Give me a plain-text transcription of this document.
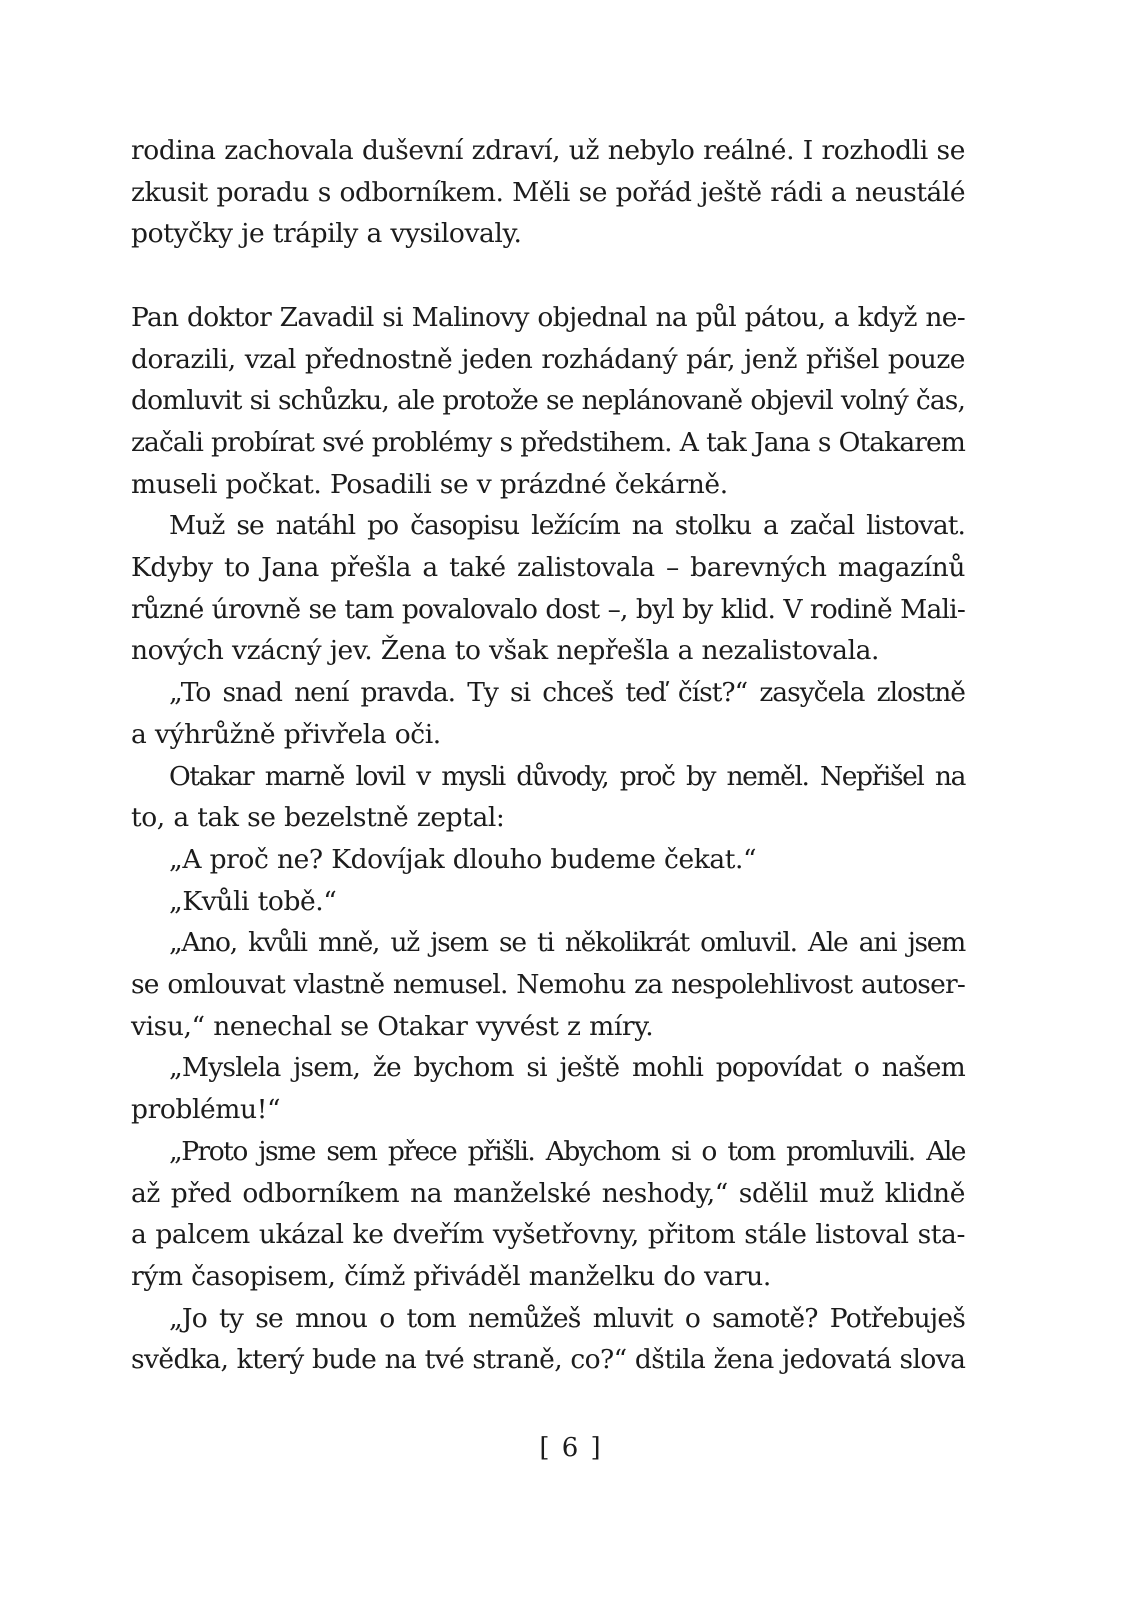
rodina zachovala duševní zdraví, už nebylo reálné. I rozhodli se
zkusit poradu s odborníkem. Měli se pořád ještě rádi a neustálé
potyčky je trápily a vysilovaly.
Pan doktor Zavadil si Malinovy objednal na půl pátou, a když ne-
dorazili, vzal přednostně jeden rozhádaný pár, jenž přišel pouze
domluvit si schůzku, ale protože se neplánovaně objevil volný čas,
začali probírat své problémy s předstihem. A tak Jana s Otakarem
museli počkat. Posadili se v prázdné čekárně.
Muž se natáhl po časopisu ležícím na stolku a začal listovat.
Kdyby to Jana přešla a také zalistovala – barevných magazínů
různé úrovně se tam povalovalo dost –, byl by klid. V rodině Mali-
nových vzácný jev. Žena to však nepřešla a nezalistovala.
„To snad není pravda. Ty si chceš teď číst?“ zasyčela zlostně
a výhrůžně přivřela oči.
Otakar marně lovil v mysli důvody, proč by neměl. Nepřišel na
to, a tak se bezelstně zeptal:
„A proč ne? Kdovíjak dlouho budeme čekat.“
„Kvůli tobě.“
„Ano, kvůli mně, už jsem se ti několikrát omluvil. Ale ani jsem
se omlouvat vlastně nemusel. Nemohu za nespolehlivost autoser-
visu,“ nenechal se Otakar vyvést z míry.
„Myslela jsem, že bychom si ještě mohli popovídat o našem
problému!“
„Proto jsme sem přece přišli. Abychom si o tom promluvili. Ale
až před odborníkem na manželské neshody,“ sdělil muž klidně
a palcem ukázal ke dveřím vyšetřovny, přitom stále listoval sta-
rým časopisem, čímž přiváděl manželku do varu.
„Jo ty se mnou o tom nemůžeš mluvit o samotě? Potřebuješ
svědka, který bude na tvé straně, co?“ dštila žena jedovatá slova
[ 6 ]
